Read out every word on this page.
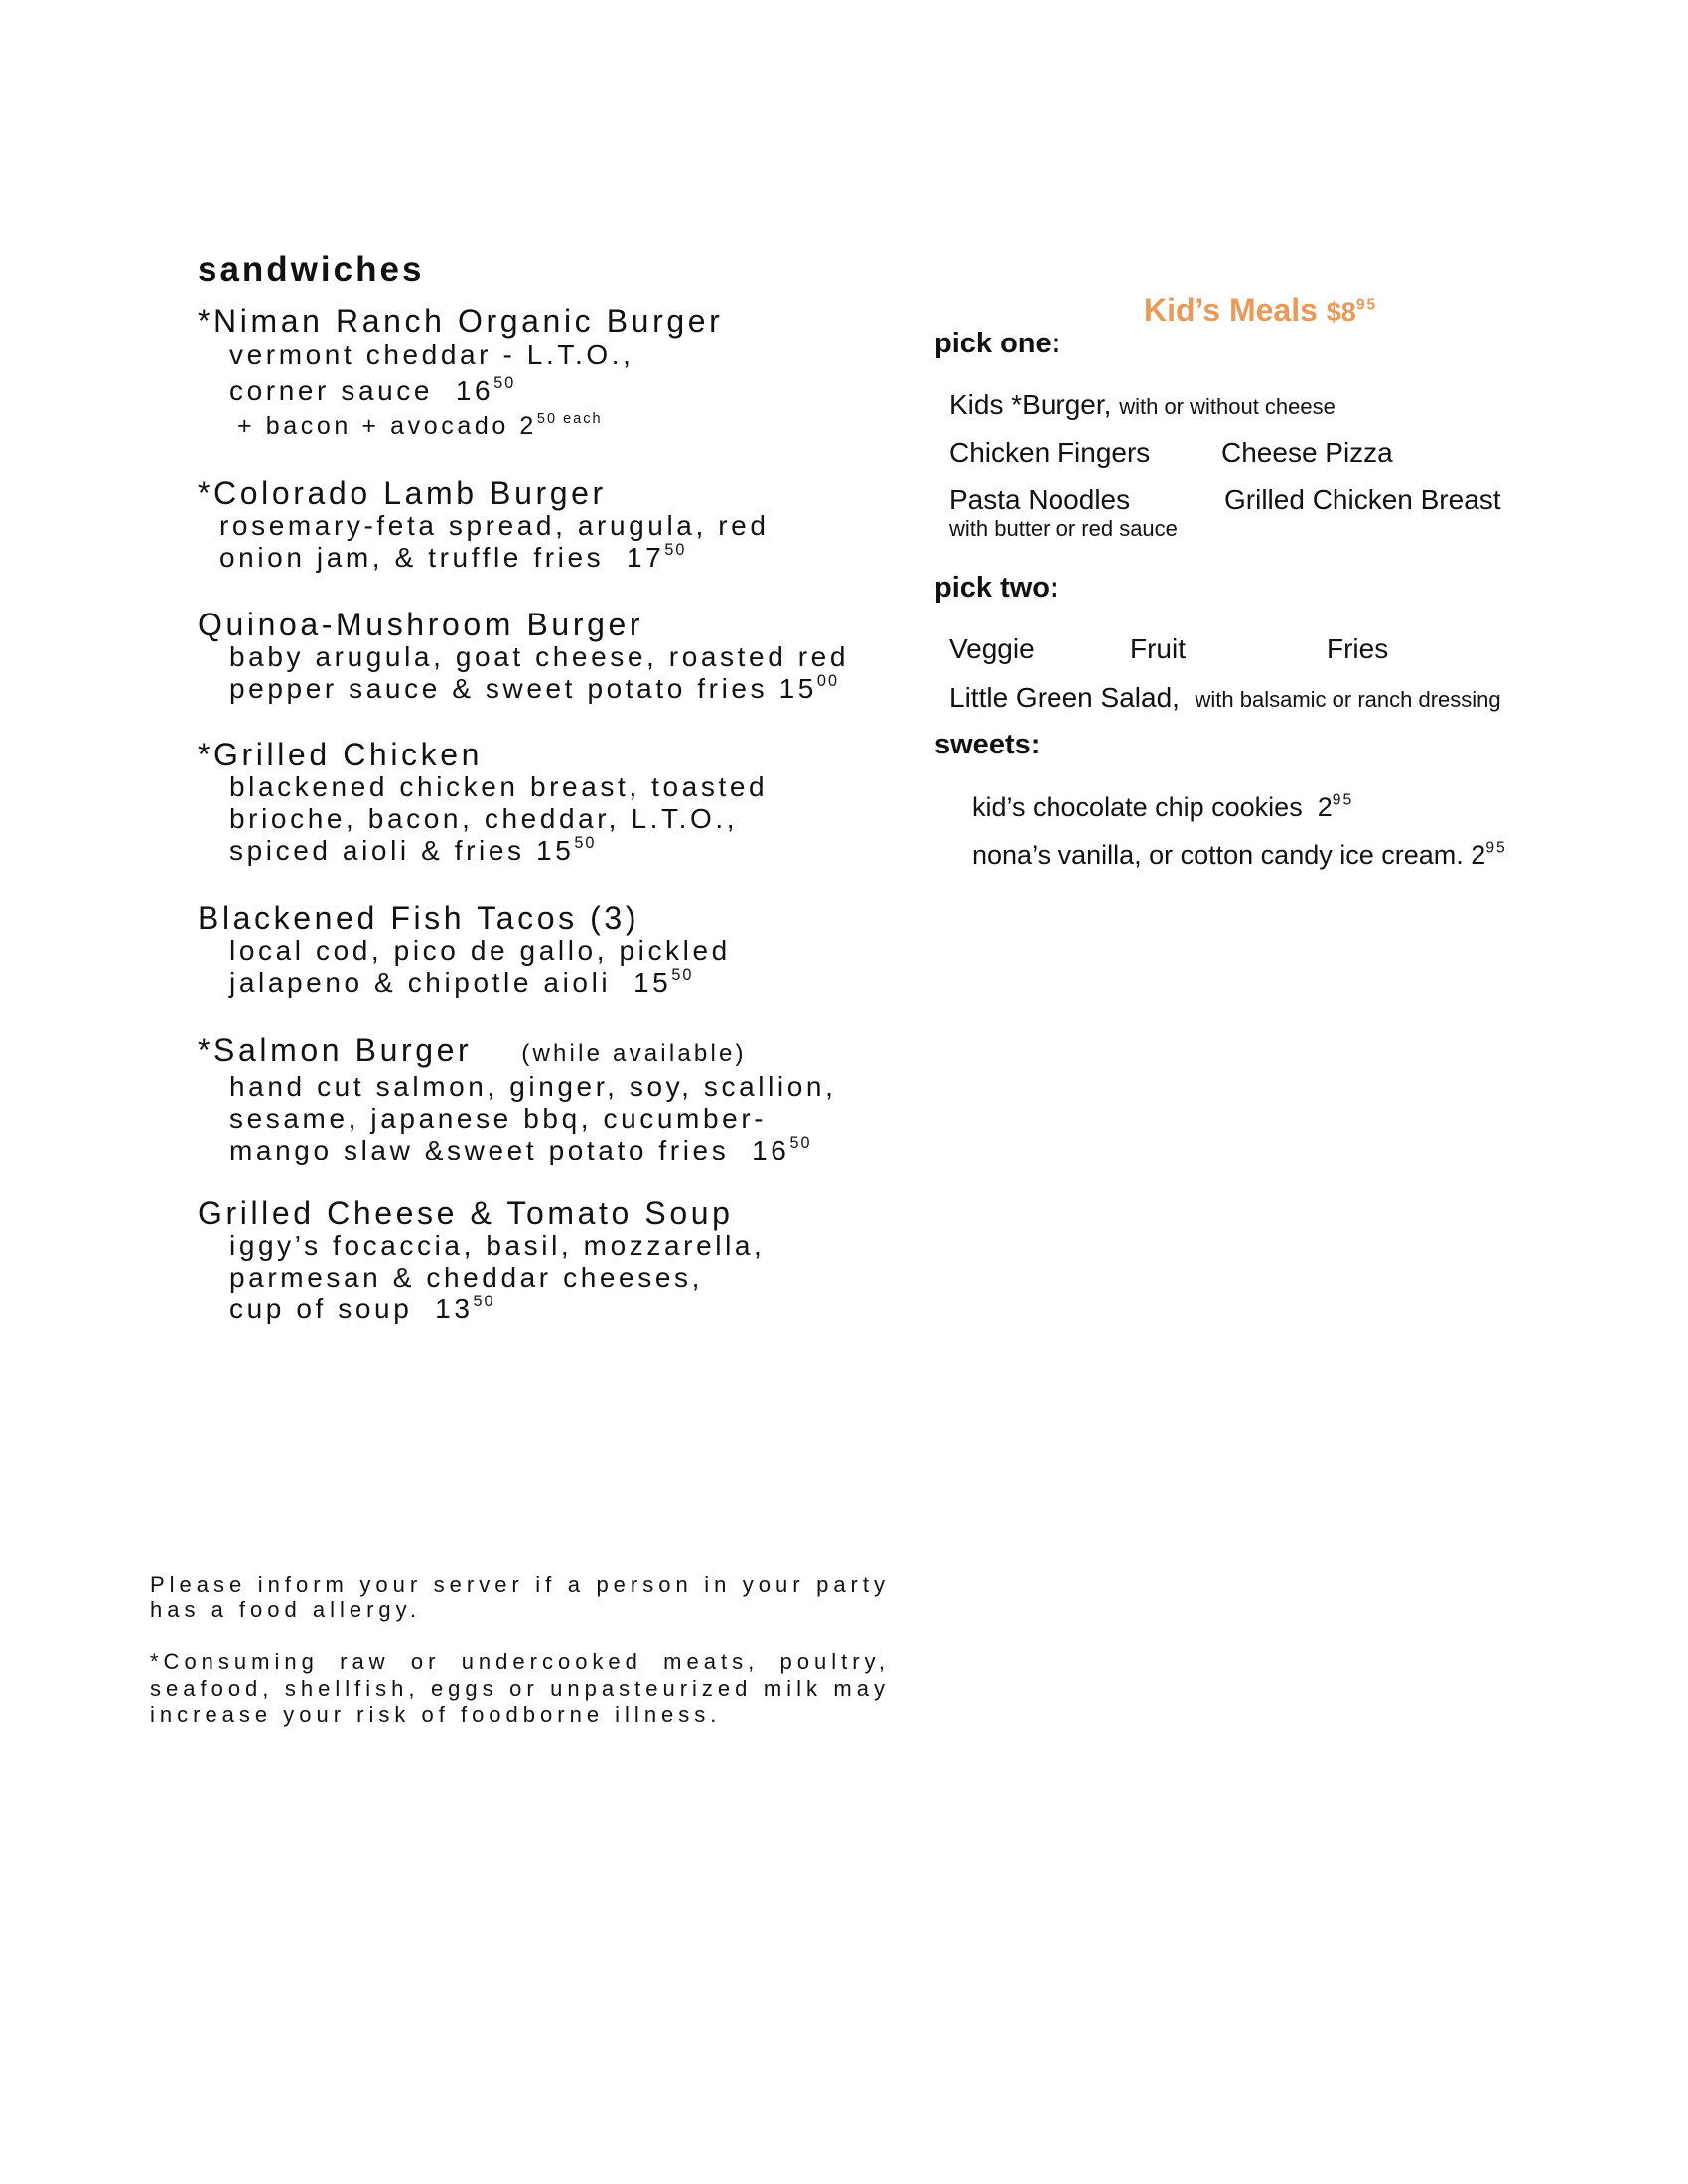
sandwiches
*Niman Ranch Organic Burger
vermont cheddar - L.T.O.,
corner sauce $16^{50}$
+ bacon + avocado $2^{50 each}$
*Colorado Lamb Burger
rosemary-feta spread, arugula, red
onion jam, & truffle fries $17^{50}$
Quinoa-Mushroom Burger
baby arugula, goat cheese, roasted red
pepper sauce & sweet potato fries $15^{00}$
*Grilled Chicken
blackened chicken breast, toasted
brioche, bacon, cheddar, L.T.O.,
spiced aioli & fries $15^{50}$
Blackened Fish Tacos (3)
local cod, pico de gallo, pickled
jalapeno & chipotle aioli $15^{50}$
*Salmon Burger (while available)
hand cut salmon, ginger, soy, scallion,
sesame, japanese bbq, cucumber-
mango slaw &sweet potato fries $16^{50}$
Grilled Cheese & Tomato Soup
iggy’s focaccia, basil, mozzarella,
parmesan & cheddar cheeses,
cup of soup $13^{50}$
Kid’s Meals $\$8^{95}$
pick one:
Kids *Burger, with or without cheese
Chicken Fingers	Cheese Pizza
Pasta Noodles
with butter or red sauce
Grilled Chicken Breast
pick two:
Veggie	Fruit	Fries
Little Green Salad, with balsamic or ranch dressing
sweets:
kid’s chocolate chip cookies $2^{95}$
nona’s vanilla, or cotton candy ice cream. $2^{95}$

Please inform your server if a person in your party has a food allergy.

*Consuming raw or undercooked meats, poultry, seafood, shellfish, eggs or unpasteurized milk may increase your risk of foodborne illness.
